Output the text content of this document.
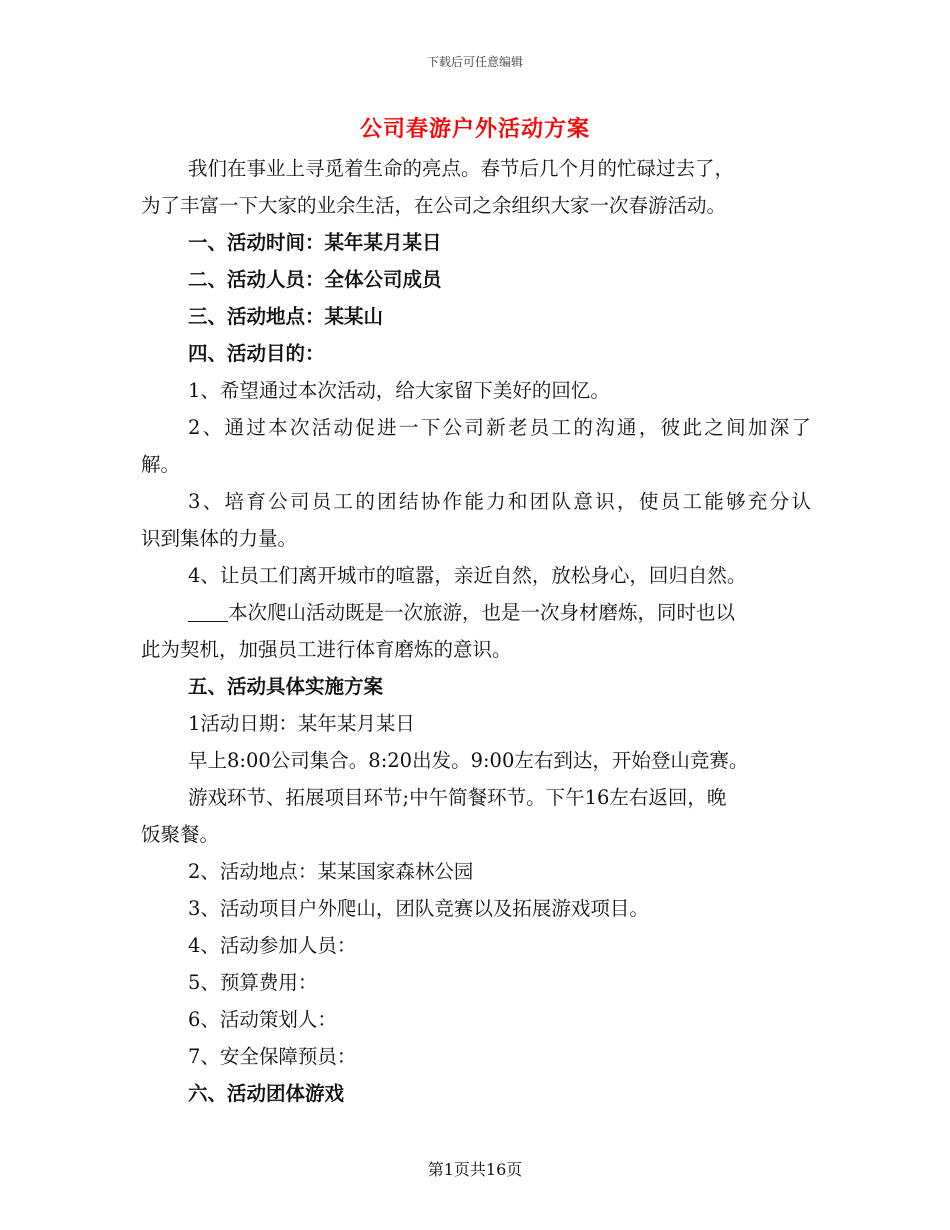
下载后可任意编辑
公司春游户外活动方案
我们在事业上寻觅着生命的亮点。春节后几个月的忙碌过去了，
为了丰富一下大家的业余生活，在公司之余组织大家一次春游活动。
一、活动时间：某年某月某日
二、活动人员：全体公司成员
三、活动地点：某某山
四、活动目的：
1、希望通过本次活动，给大家留下美好的回忆。
2、通过本次活动促进一下公司新老员工的沟通，彼此之间加深了
解。
3、培育公司员工的团结协作能力和团队意识，使员工能够充分认
识到集体的力量。
4、让员工们离开城市的喧嚣，亲近自然，放松身心，回归自然。
本次爬山活动既是一次旅游，也是一次身材磨炼，同时也以
此为契机，加强员工进行体育磨炼的意识。
五、活动具体实施方案
1活动日期：某年某月某日
早上8:00公司集合。8:20出发。9:00左右到达，开始登山竞赛。
游戏环节、拓展项目环节;中午简餐环节。下午16左右返回，晚
饭聚餐。
2、活动地点：某某国家森林公园
3、活动项目户外爬山，团队竞赛以及拓展游戏项目。
4、活动参加人员：
5、预算费用：
6、活动策划人：
7、安全保障预员：
六、活动团体游戏
第1页共16页
